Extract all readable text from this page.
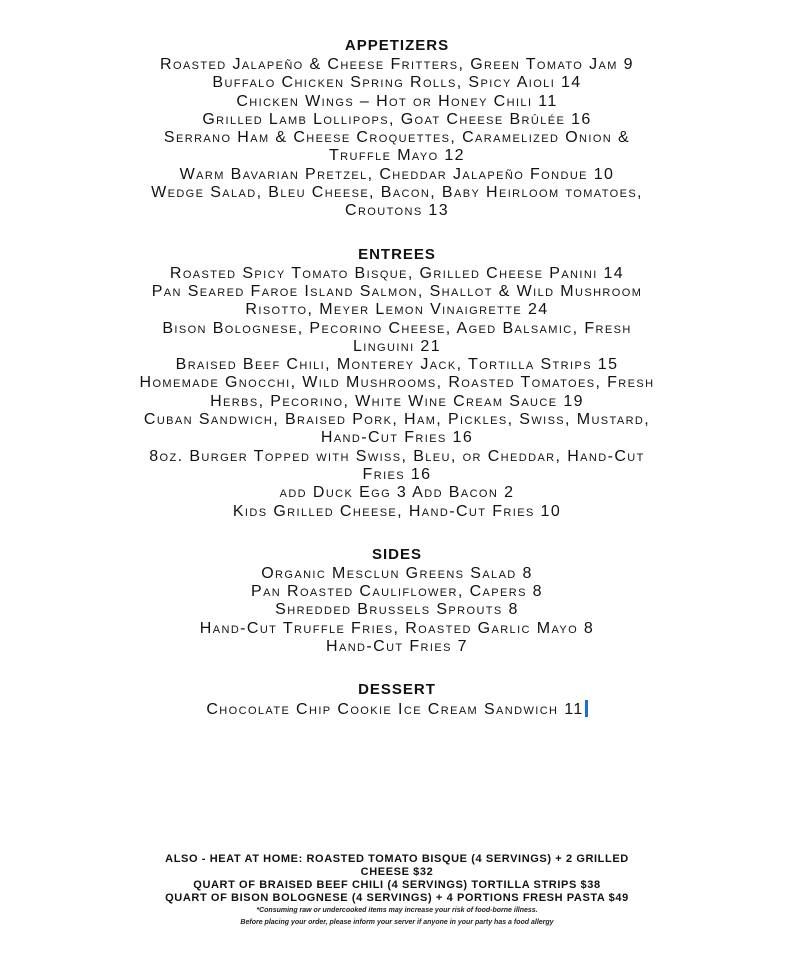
APPETIZERS
Roasted Jalapeño & Cheese Fritters, Green Tomato Jam 9
Buffalo Chicken Spring Rolls, Spicy Aioli 14
Chicken Wings – Hot or Honey Chili 11
Grilled Lamb Lollipops, Goat Cheese Brûlée 16
Serrano Ham & Cheese Croquettes, Caramelized Onion &
Truffle Mayo 12
Warm Bavarian Pretzel, Cheddar Jalapeño Fondue 10
Wedge Salad, Bleu Cheese, Bacon, Baby Heirloom tomatoes,
Croutons 13
ENTREES
Roasted Spicy Tomato Bisque, Grilled Cheese Panini 14
Pan Seared Faroe Island Salmon, Shallot & Wild Mushroom
Risotto, Meyer Lemon Vinaigrette 24
Bison Bolognese, Pecorino Cheese, Aged Balsamic, Fresh
Linguini 21
Braised Beef Chili, Monterey Jack, Tortilla Strips 15
Homemade Gnocchi, Wild Mushrooms, Roasted Tomatoes, Fresh
Herbs, Pecorino, White Wine Cream Sauce 19
Cuban Sandwich, Braised Pork, Ham, Pickles, Swiss, Mustard,
Hand-Cut Fries 16
8oz. Burger Topped with Swiss, Bleu, or Cheddar, Hand-Cut
Fries 16
add Duck Egg 3 Add Bacon 2
Kids Grilled Cheese, Hand-Cut Fries 10
SIDES
Organic Mesclun Greens Salad 8
Pan Roasted Cauliflower, Capers 8
Shredded Brussels Sprouts 8
Hand-Cut Truffle Fries, Roasted Garlic Mayo 8
Hand-Cut Fries 7
DESSERT
Chocolate Chip Cookie Ice Cream Sandwich 11
ALSO - HEAT AT HOME: ROASTED TOMATO BISQUE (4 SERVINGS) + 2 GRILLED
CHEESE $32
QUART OF BRAISED BEEF CHILI (4 SERVINGS) TORTILLA STRIPS $38
QUART OF BISON BOLOGNESE (4 SERVINGS) + 4 PORTIONS FRESH PASTA $49
*Consuming raw or undercooked items may increase your risk of food-borne illness.
Before placing your order, please inform your server if anyone in your party has a food allergy
